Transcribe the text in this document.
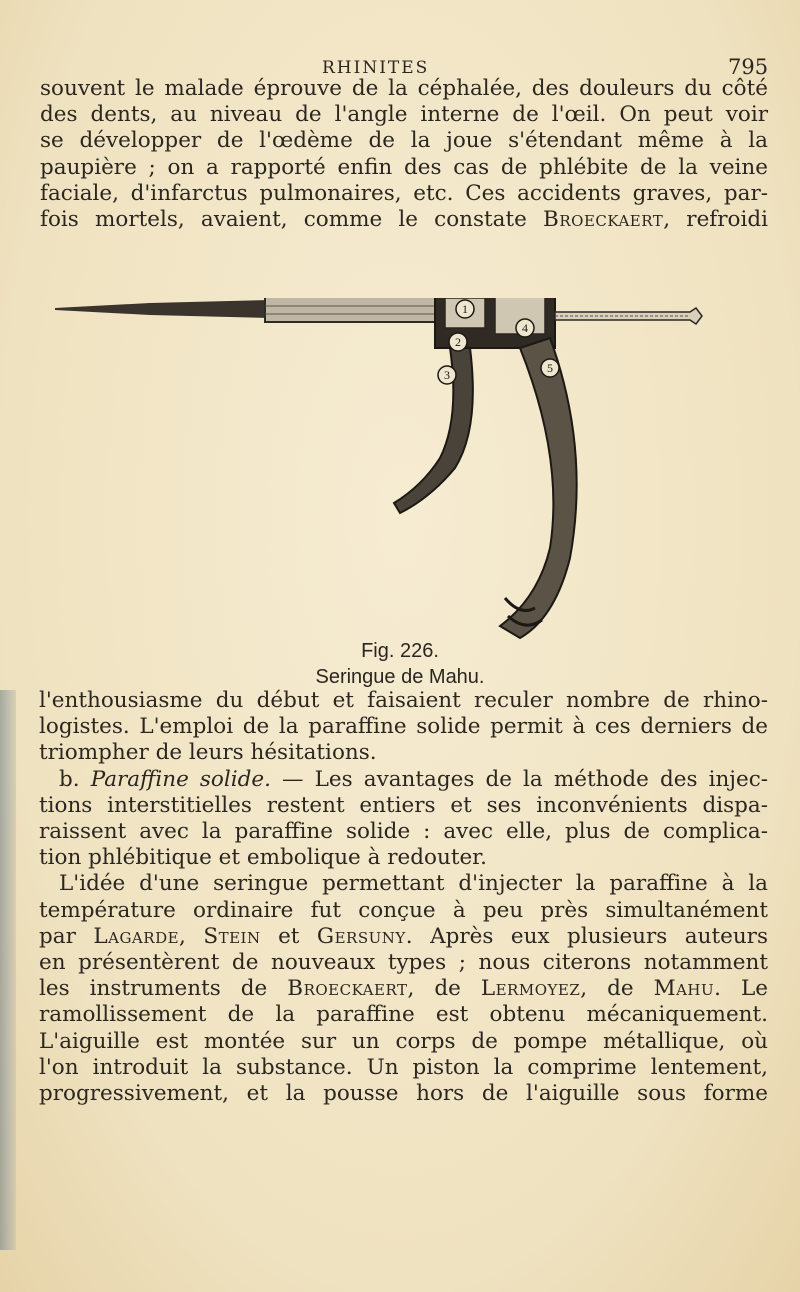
RHINITES	795

souvent le malade éprouve de la céphalée, des douleurs du côté
des dents, au niveau de l'angle interne de l'œil. On peut voir
se développer de l'œdème de la joue s'étendant même à la
paupière ; on a rapporté enfin des cas de phlébite de la veine
faciale, d'infarctus pulmonaires, etc. Ces accidents graves, par-
fois mortels, avaient, comme le constate Broeckaert, refroidi

1
2
3
4
5
Fig. 226.
Seringue de Mahu.

l'enthousiasme du début et faisaient reculer nombre de rhino-
logistes. L'emploi de la paraffine solide permit à ces derniers de
triompher de leurs hésitations.
b. Paraffine solide. — Les avantages de la méthode des injec-
tions interstitielles restent entiers et ses inconvénients dispa-
raissent avec la paraffine solide : avec elle, plus de complica-
tion phlébitique et embolique à redouter.
L'idée d'une seringue permettant d'injecter la paraffine à la
température ordinaire fut conçue à peu près simultanément
par Lagarde, Stein et Gersuny. Après eux plusieurs auteurs
en présentèrent de nouveaux types ; nous citerons notamment
les instruments de Broeckaert, de Lermoyez, de Mahu. Le
ramollissement de la paraffine est obtenu mécaniquement.
L'aiguille est montée sur un corps de pompe métallique, où
l'on introduit la substance. Un piston la comprime lentement,
progressivement, et la pousse hors de l'aiguille sous forme
